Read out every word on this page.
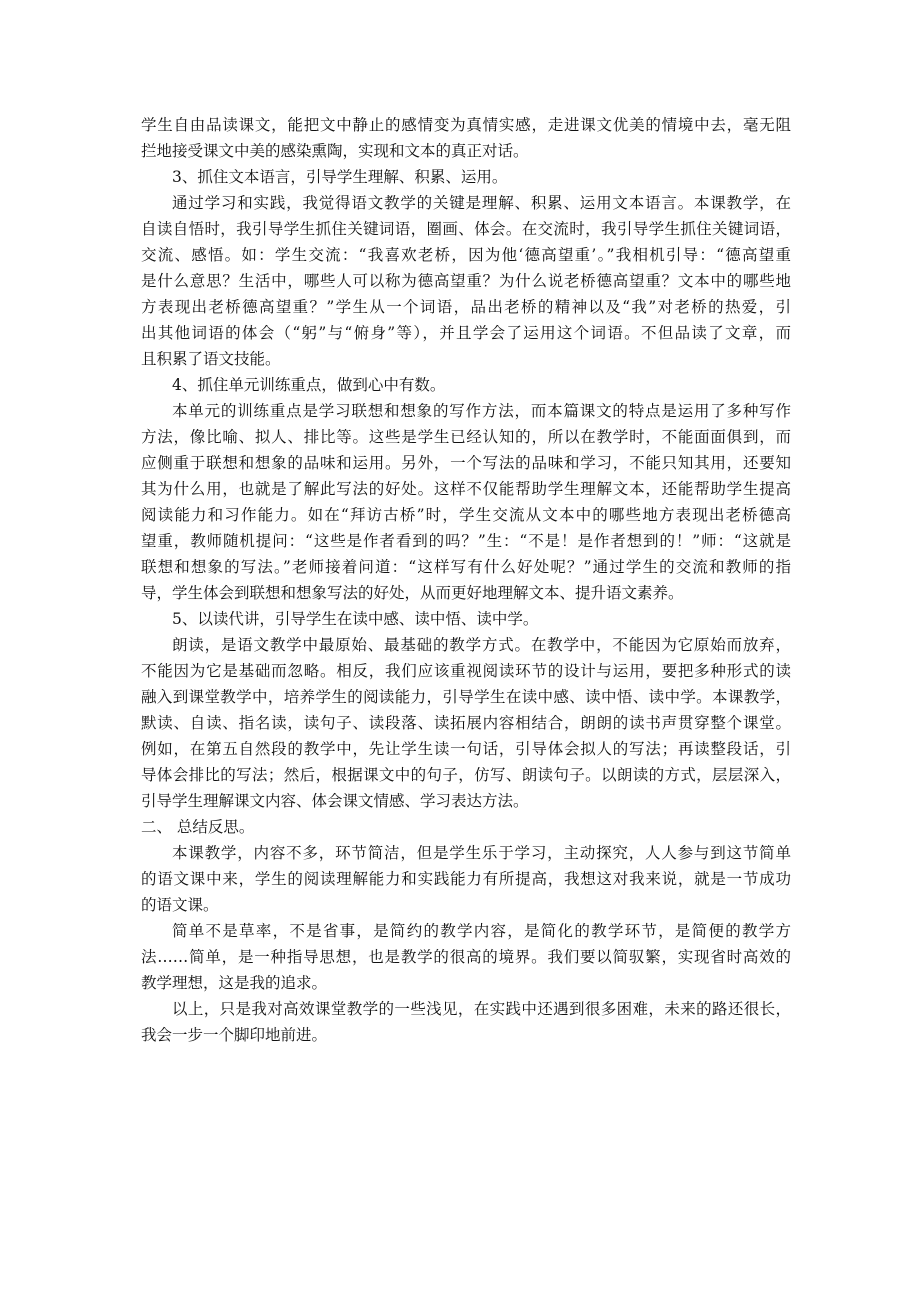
学生自由品读课文，能把文中静止的感情变为真情实感，走进课文优美的情境中去，毫无阻
拦地接受课文中美的感染熏陶，实现和文本的真正对话。
3、抓住文本语言，引导学生理解、积累、运用。
通过学习和实践，我觉得语文教学的关键是理解、积累、运用文本语言。本课教学，在
自读自悟时，我引导学生抓住关键词语，圈画、体会。在交流时，我引导学生抓住关键词语，
交流、感悟。如：学生交流：“我喜欢老桥，因为他‘德高望重’。”我相机引导：“德高望重
是什么意思？生活中，哪些人可以称为德高望重？为什么说老桥德高望重？文本中的哪些地
方表现出老桥德高望重？”学生从一个词语，品出老桥的精神以及“我”对老桥的热爱，引
出其他词语的体会（“躬”与“俯身”等），并且学会了运用这个词语。不但品读了文章，而
且积累了语文技能。
4、抓住单元训练重点，做到心中有数。
本单元的训练重点是学习联想和想象的写作方法，而本篇课文的特点是运用了多种写作
方法，像比喻、拟人、排比等。这些是学生已经认知的，所以在教学时，不能面面俱到，而
应侧重于联想和想象的品味和运用。另外，一个写法的品味和学习，不能只知其用，还要知
其为什么用，也就是了解此写法的好处。这样不仅能帮助学生理解文本，还能帮助学生提高
阅读能力和习作能力。如在“拜访古桥”时，学生交流从文本中的哪些地方表现出老桥德高
望重，教师随机提问：“这些是作者看到的吗？”生：“不是！是作者想到的！”师：“这就是
联想和想象的写法。”老师接着问道：“这样写有什么好处呢？”通过学生的交流和教师的指
导，学生体会到联想和想象写法的好处，从而更好地理解文本、提升语文素养。
5、以读代讲，引导学生在读中感、读中悟、读中学。
朗读，是语文教学中最原始、最基础的教学方式。在教学中，不能因为它原始而放弃，
不能因为它是基础而忽略。相反，我们应该重视阅读环节的设计与运用，要把多种形式的读
融入到课堂教学中，培养学生的阅读能力，引导学生在读中感、读中悟、读中学。本课教学，
默读、自读、指名读，读句子、读段落、读拓展内容相结合，朗朗的读书声贯穿整个课堂。
例如，在第五自然段的教学中，先让学生读一句话，引导体会拟人的写法；再读整段话，引
导体会排比的写法；然后，根据课文中的句子，仿写、朗读句子。以朗读的方式，层层深入，
引导学生理解课文内容、体会课文情感、学习表达方法。
二、 总结反思。
本课教学，内容不多，环节简洁，但是学生乐于学习，主动探究，人人参与到这节简单
的语文课中来，学生的阅读理解能力和实践能力有所提高，我想这对我来说，就是一节成功
的语文课。
简单不是草率，不是省事，是简约的教学内容，是简化的教学环节，是简便的教学方
法……简单，是一种指导思想，也是教学的很高的境界。我们要以简驭繁，实现省时高效的
教学理想，这是我的追求。
以上，只是我对高效课堂教学的一些浅见，在实践中还遇到很多困难，未来的路还很长，
我会一步一个脚印地前进。
